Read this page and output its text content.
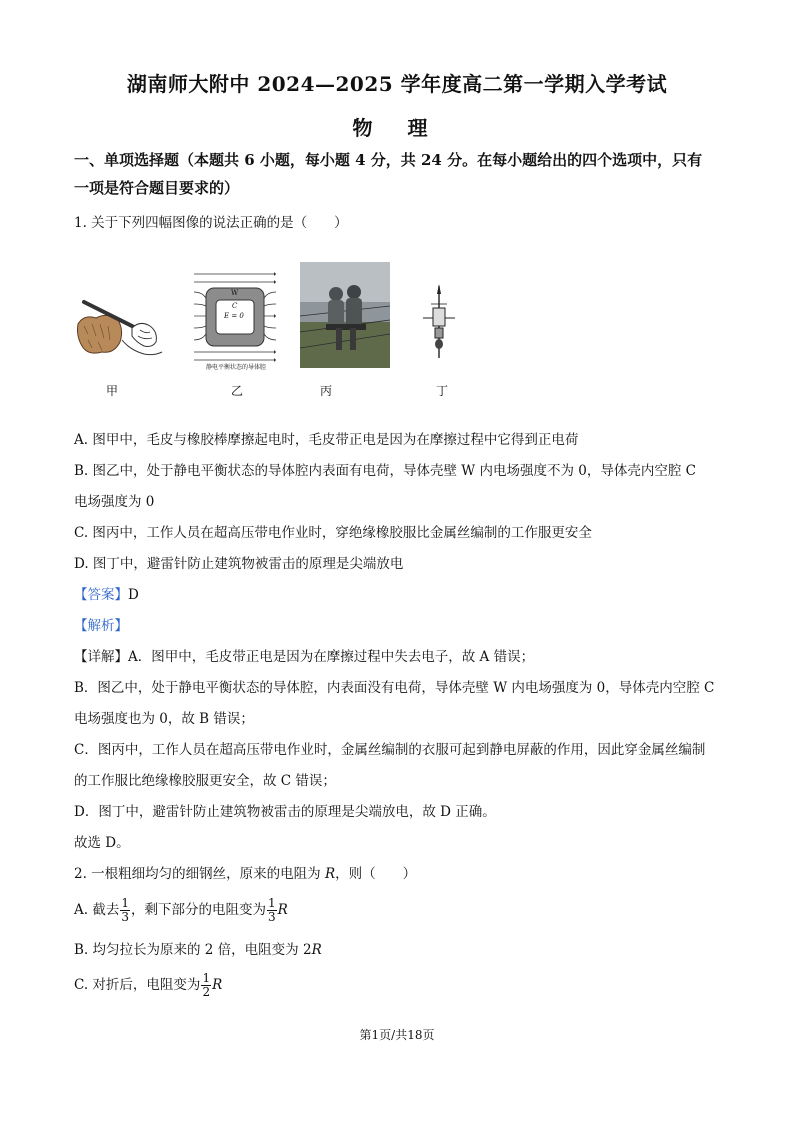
湖南师大附中 2024—2025 学年度高二第一学期入学考试
物 理
一、单项选择题（本题共 6 小题，每小题 4 分，共 24 分。在每小题给出的四个选项中，只有
一项是符合题目要求的）
1. 关于下列四幅图像的说法正确的是（　　）
W
C
E = 0
静电平衡状态的导体腔
甲	乙	丙	丁
A. 图甲中，毛皮与橡胶棒摩擦起电时，毛皮带正电是因为在摩擦过程中它得到正电荷
B. 图乙中，处于静电平衡状态的导体腔内表面有电荷，导体壳壁 W 内电场强度不为 0，导体壳内空腔 C
电场强度为 0
C. 图丙中，工作人员在超高压带电作业时，穿绝缘橡胶服比金属丝编制的工作服更安全
D. 图丁中，避雷针防止建筑物被雷击的原理是尖端放电
【答案】D
【解析】
【详解】A．图甲中，毛皮带正电是因为在摩擦过程中失去电子，故 A 错误；
B．图乙中，处于静电平衡状态的导体腔，内表面没有电荷，导体壳壁 W 内电场强度为 0，导体壳内空腔 C
电场强度也为 0，故 B 错误；
C．图丙中，工作人员在超高压带电作业时，金属丝编制的衣服可起到静电屏蔽的作用，因此穿金属丝编制
的工作服比绝缘橡胶服更安全，故 C 错误；
D．图丁中，避雷针防止建筑物被雷击的原理是尖端放电，故 D 正确。
故选 D。
2. 一根粗细均匀的细钢丝，原来的电阻为 R，则（　　）
A. 截去 $\frac{1}{3}$ ，剩下部分的电阻变为 $\frac{1}{3}$ R
B. 均匀拉长为原来的 2 倍，电阻变为 2R
C. 对折后，电阻变为 $\frac{1}{2}$ R
第1页/共18页
